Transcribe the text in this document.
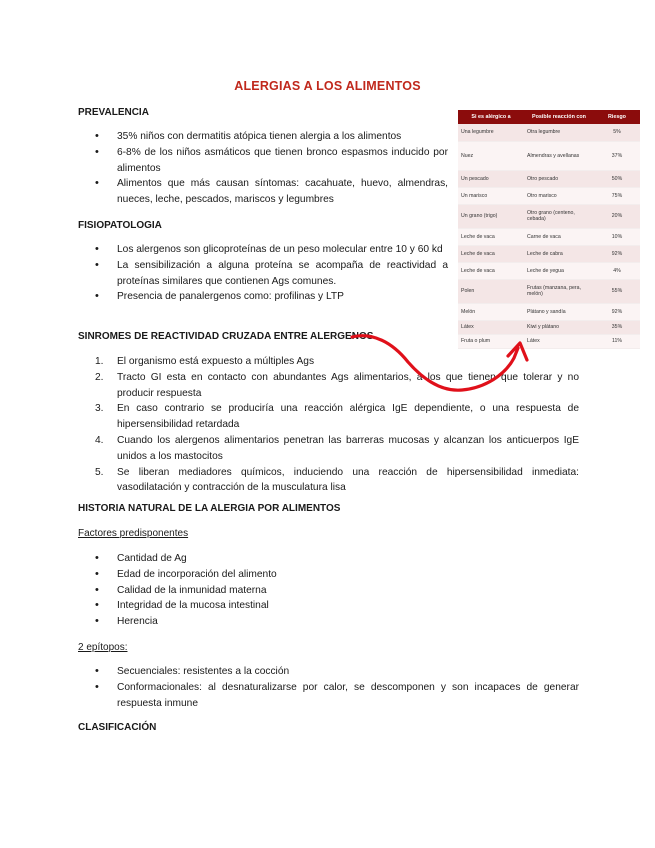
ALERGIAS A LOS ALIMENTOS
PREVALENCIA
• 35% niños con dermatitis atópica tienen alergia a los alimentos
• 6-8% de los niños asmáticos que tienen bronco espasmos inducido por alimentos
• Alimentos que más causan síntomas: cacahuate, huevo, almendras, nueces, leche, pescados, mariscos y legumbres
FISIOPATOLOGIA
• Los alergenos son glicoproteínas de un peso molecular entre 10 y 60 kd
• La sensibilización a alguna proteína se acompaña de reactividad a proteínas similares que contienen Ags comunes.
• Presencia de panalergenos como: profilinas y LTP
SINROMES DE REACTIVIDAD CRUZADA ENTRE ALERGENOS
1. El organismo está expuesto a múltiples Ags
2. Tracto GI esta en contacto con abundantes Ags alimentarios, a los que tienen que tolerar y no producir respuesta
3. En caso contrario se produciría una reacción alérgica IgE dependiente, o una respuesta de hipersensibilidad retardada
4. Cuando los alergenos alimentarios penetran las barreras mucosas y alcanzan los anticuerpos IgE unidos a los mastocitos
5. Se liberan mediadores químicos, induciendo una reacción de hipersensibilidad inmediata: vasodilatación y contracción de la musculatura lisa
HISTORIA NATURAL DE LA ALERGIA POR ALIMENTOS
Factores predisponentes
• Cantidad de Ag
• Edad de incorporación del alimento
• Calidad de la inmunidad materna
• Integridad de la mucosa intestinal
• Herencia
2 epítopos:
• Secuenciales: resistentes a la cocción
• Conformacionales: al desnaturalizarse por calor, se descomponen y son incapaces de generar respuesta inmune
CLASIFICACIÓN
Si es alérgico a	Posible reacción con	Riesgo
Una legumbre	Otra legumbre	5%
Nuez	Almendras y avellanas	37%
Un pescado	Otro pescado	50%
Un marisco	Otro marisco	75%
Un grano (trigo)	Otro grano (centeno, cebada)	20%
Leche de vaca	Carne de vaca	10%
Leche de vaca	Leche de cabra	92%
Leche de vaca	Leche de yegua	4%
Polen	Frutas (manzana, pera, melón)	55%
Melón	Plátano y sandía	92%
Látex	Kiwi y plátano	35%
Fruta o plum	Látex	11%
